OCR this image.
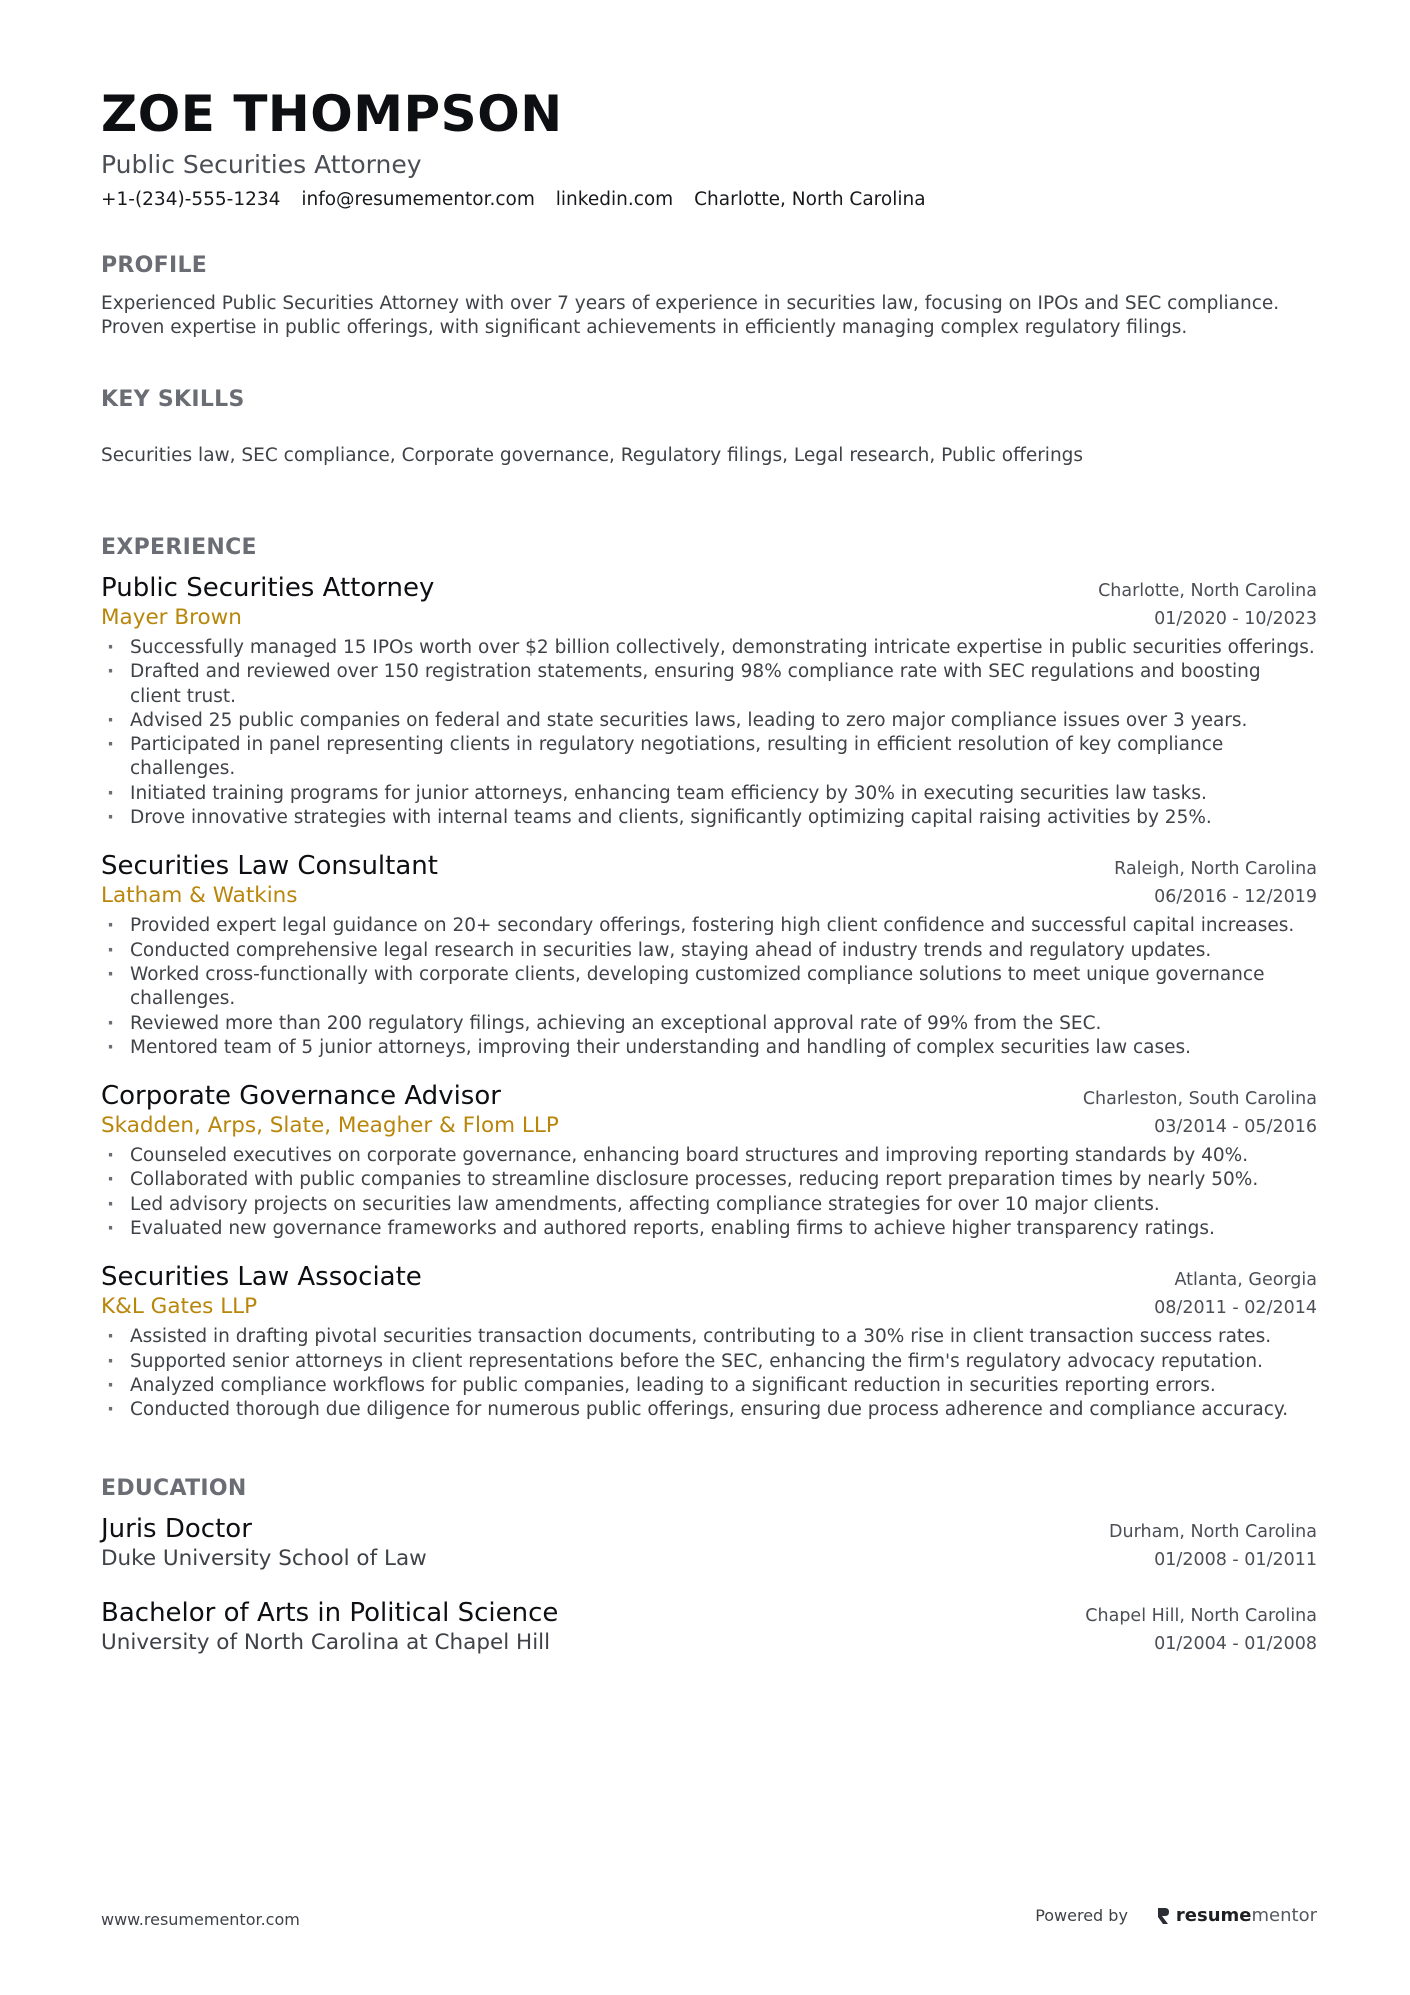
ZOE THOMPSON
Public Securities Attorney
+1-(234)-555-1234 info@resumementor.com linkedin.com Charlotte, North Carolina
PROFILE
Experienced Public Securities Attorney with over 7 years of experience in securities law, focusing on IPOs and SEC compliance. Proven expertise in public offerings, with significant achievements in efficiently managing complex regulatory filings.
KEY SKILLS
Securities law, SEC compliance, Corporate governance, Regulatory filings, Legal research, Public offerings
EXPERIENCE
Public Securities Attorney	Charlotte, North Carolina
Mayer Brown	01/2020 - 10/2023
· Successfully managed 15 IPOs worth over $2 billion collectively, demonstrating intricate expertise in public securities offerings.
· Drafted and reviewed over 150 registration statements, ensuring 98% compliance rate with SEC regulations and boosting client trust.
· Advised 25 public companies on federal and state securities laws, leading to zero major compliance issues over 3 years.
· Participated in panel representing clients in regulatory negotiations, resulting in efficient resolution of key compliance challenges.
· Initiated training programs for junior attorneys, enhancing team efficiency by 30% in executing securities law tasks.
· Drove innovative strategies with internal teams and clients, significantly optimizing capital raising activities by 25%.
Securities Law Consultant	Raleigh, North Carolina
Latham & Watkins	06/2016 - 12/2019
· Provided expert legal guidance on 20+ secondary offerings, fostering high client confidence and successful capital increases.
· Conducted comprehensive legal research in securities law, staying ahead of industry trends and regulatory updates.
· Worked cross-functionally with corporate clients, developing customized compliance solutions to meet unique governance challenges.
· Reviewed more than 200 regulatory filings, achieving an exceptional approval rate of 99% from the SEC.
· Mentored team of 5 junior attorneys, improving their understanding and handling of complex securities law cases.
Corporate Governance Advisor	Charleston, South Carolina
Skadden, Arps, Slate, Meagher & Flom LLP	03/2014 - 05/2016
· Counseled executives on corporate governance, enhancing board structures and improving reporting standards by 40%.
· Collaborated with public companies to streamline disclosure processes, reducing report preparation times by nearly 50%.
· Led advisory projects on securities law amendments, affecting compliance strategies for over 10 major clients.
· Evaluated new governance frameworks and authored reports, enabling firms to achieve higher transparency ratings.
Securities Law Associate	Atlanta, Georgia
K&L Gates LLP	08/2011 - 02/2014
· Assisted in drafting pivotal securities transaction documents, contributing to a 30% rise in client transaction success rates.
· Supported senior attorneys in client representations before the SEC, enhancing the firm's regulatory advocacy reputation.
· Analyzed compliance workflows for public companies, leading to a significant reduction in securities reporting errors.
· Conducted thorough due diligence for numerous public offerings, ensuring due process adherence and compliance accuracy.
EDUCATION
Juris Doctor	Durham, North Carolina
Duke University School of Law	01/2008 - 01/2011
Bachelor of Arts in Political Science	Chapel Hill, North Carolina
University of North Carolina at Chapel Hill	01/2004 - 01/2008
www.resumementor.com	Powered by	resume mentor
